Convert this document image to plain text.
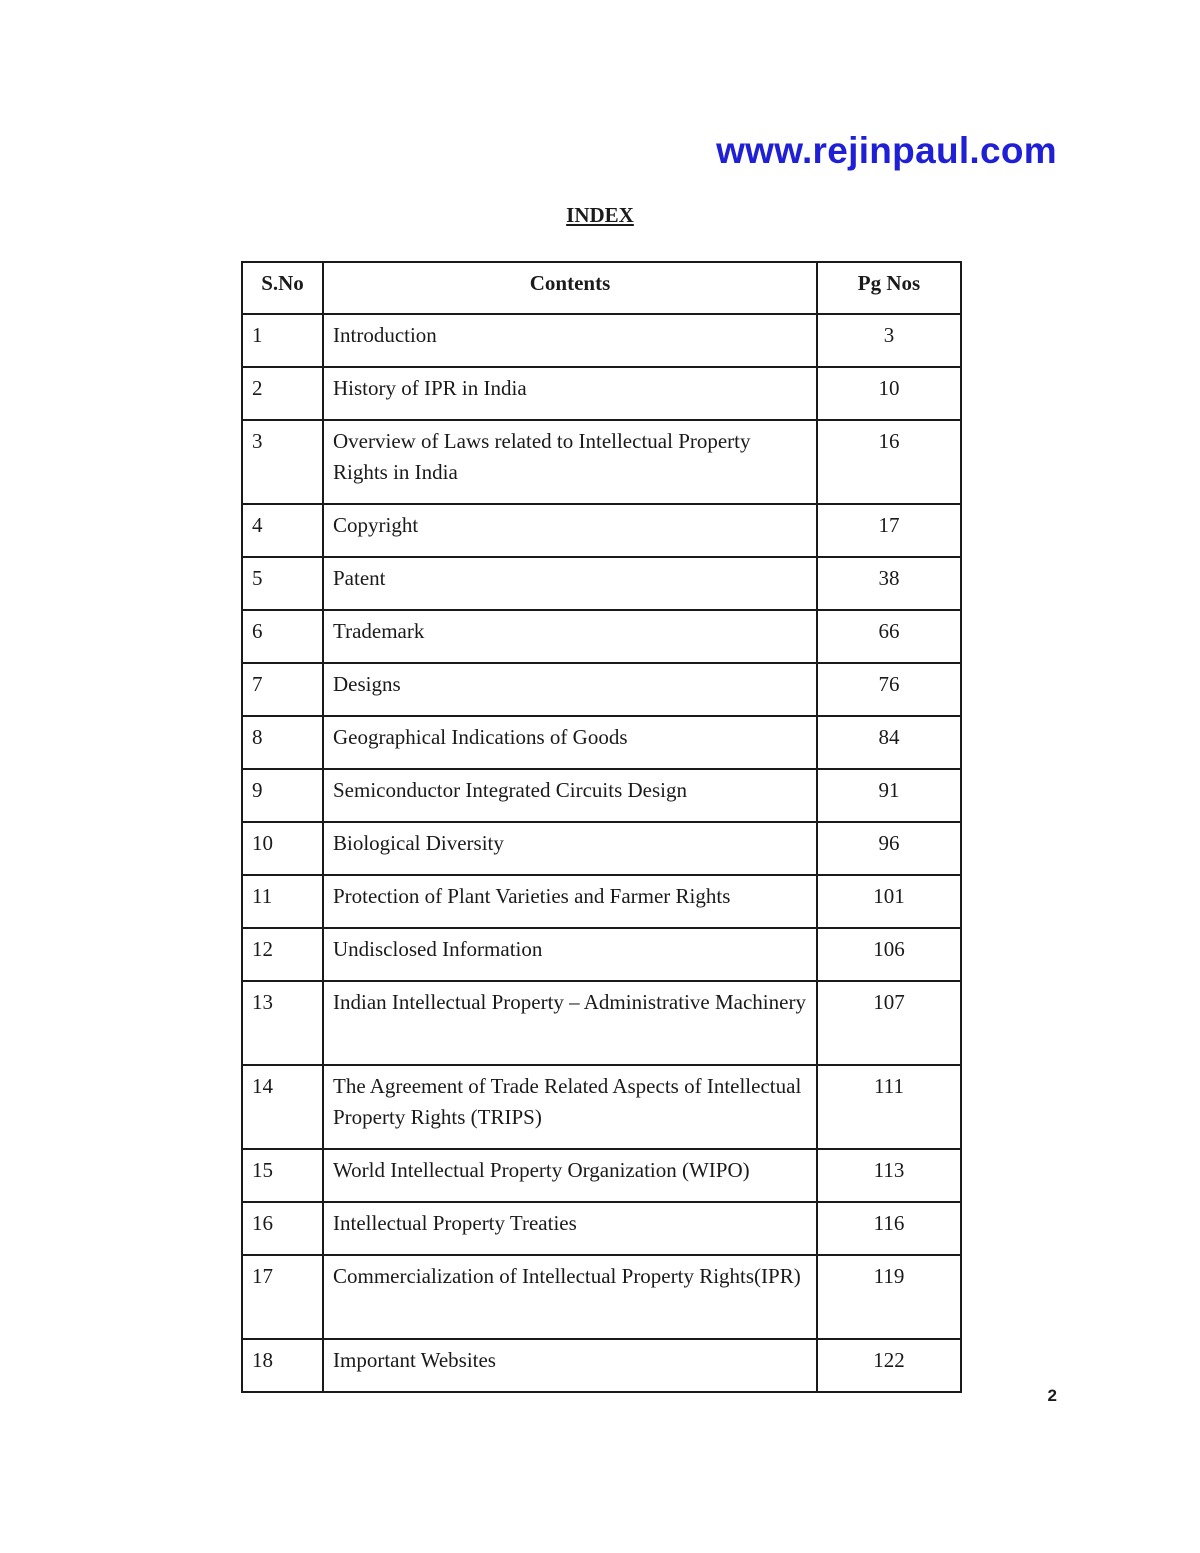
www.rejinpaul.com
INDEX
S.No	Contents	Pg Nos
1	Introduction	3
2	History of IPR in India	10
3	Overview of Laws related to Intellectual Property Rights in India	16
4	Copyright	17
5	Patent	38
6	Trademark	66
7	Designs	76
8	Geographical Indications of Goods	84
9	Semiconductor Integrated Circuits Design	91
10	Biological Diversity	96
11	Protection of Plant Varieties and Farmer Rights	101
12	Undisclosed Information	106
13	Indian Intellectual Property – Administrative Machinery	107
14	The Agreement of Trade Related Aspects of Intellectual Property Rights (TRIPS)	111
15	World Intellectual Property Organization (WIPO)	113
16	Intellectual Property Treaties	116
17	Commercialization of Intellectual Property Rights(IPR)	119
18	Important Websites	122
2
